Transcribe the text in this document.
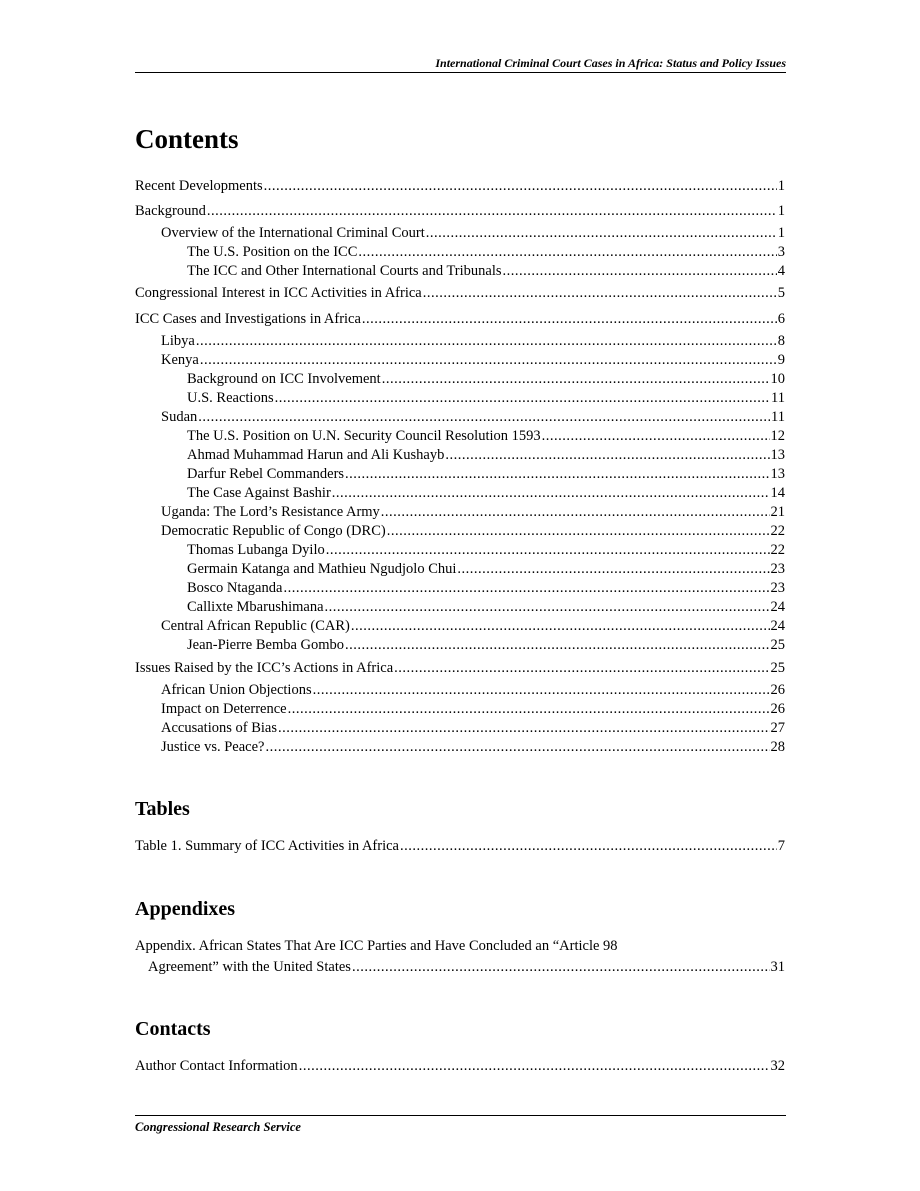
International Criminal Court Cases in Africa: Status and Policy Issues
Contents
Recent Developments .....	1
Background .....	1
Overview of the International Criminal Court .....	1
The U.S. Position on the ICC .....	3
The ICC and Other International Courts and Tribunals .....	4
Congressional Interest in ICC Activities in Africa .....	5
ICC Cases and Investigations in Africa .....	6
Libya .....	8
Kenya .....	9
Background on ICC Involvement .....	10
U.S. Reactions .....	11
Sudan .....	11
The U.S. Position on U.N. Security Council Resolution 1593 .....	12
Ahmad Muhammad Harun and Ali Kushayb .....	13
Darfur Rebel Commanders .....	13
The Case Against Bashir .....	14
Uganda: The Lord’s Resistance Army .....	21
Democratic Republic of Congo (DRC) .....	22
Thomas Lubanga Dyilo .....	22
Germain Katanga and Mathieu Ngudjolo Chui .....	23
Bosco Ntaganda .....	23
Callixte Mbarushimana .....	24
Central African Republic (CAR) .....	24
Jean-Pierre Bemba Gombo .....	25
Issues Raised by the ICC’s Actions in Africa .....	25
African Union Objections .....	26
Impact on Deterrence .....	26
Accusations of Bias .....	27
Justice vs. Peace? .....	28
Tables
Table 1. Summary of ICC Activities in Africa .....	7
Appendixes
Appendix. African States That Are ICC Parties and Have Concluded an “Article 98
Agreement” with the United States .....	31
Contacts
Author Contact Information .....	32
Congressional Research Service
